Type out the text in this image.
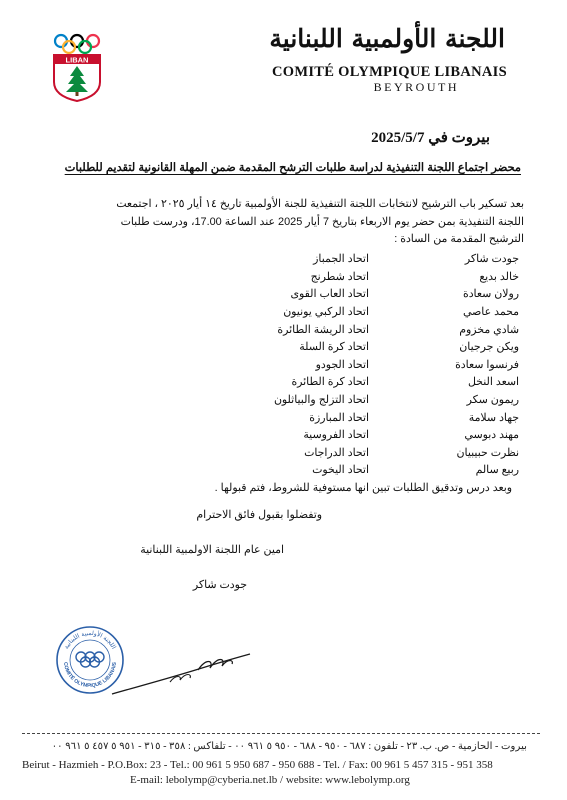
LIBAN
اللجنة الأولمبية اللبنانية
COMITÉ OLYMPIQUE LIBANAIS
BEYROUTH
بيروت في 2025/5/7
محضر اجتماع اللجنة التنفيذية لدراسة طلبات الترشح المقدمة ضمن المهلة القانونية لتقديم للطلبات
بعد تسكير باب الترشيح لانتخابات اللجنة التنفيذية للجنة الأولمبية تاريخ ١٤ أيار ٢٠٢٥ ، اجتمعت اللجنة التنفيذية بمن حضر يوم الاربعاء بتاريخ 7 أيار 2025 عند الساعة 17.00، ودرست طلبات الترشيح المقدمة من السادة :
جودت شاكر
اتحاد الجمباز
خالد بديع
اتحاد شطرنج
رولان سعادة
اتحاد العاب القوى
محمد عاصي
اتحاد الركبي يونيون
شادي مخزوم
اتحاد الريشة الطائرة
ويكن جرجيان
اتحاد كرة السلة
فرنسوا سعادة
اتحاد الجودو
اسعد النخل
اتحاد كرة الطائرة
ريمون سكر
اتحاد التزلج والبياثلون
جهاد سلامة
اتحاد المبارزة
مهند دبوسي
اتحاد الفروسية
نظرت حبيبيان
اتحاد الدراجات
ربيع سالم
اتحاد اليخوت
وبعد درس وتدقيق الطلبات تبين انها مستوفية للشروط، فتم قبولها .
وتفضلوا بقبول فائق الاحترام
امين عام اللجنة الاولمبية اللبنانية
جودت شاكر
اللجنة الأولمبية اللبنانية
COMITÉ OLYMPIQUE LIBANAIS
بيروت - الحازمية - ص. ب. ٢٣ - تلفون : ٦٨٧ - ٩٥٠ - ٦٨٨ - ٩٥٠ ٥ ٩٦١ ٠٠ - تلفاكس : ٣٥٨ - ٣١٥ - ٩٥١ ٥ ٤٥٧ ٥ ٩٦١ ٠٠
Beirut - Hazmieh - P.O.Box: 23 - Tel.: 00 961 5 950 687 - 950 688 - Tel. / Fax: 00 961 5 457 315 - 951 358
E-mail: lebolymp@cyberia.net.lb / website: www.lebolymp.org
